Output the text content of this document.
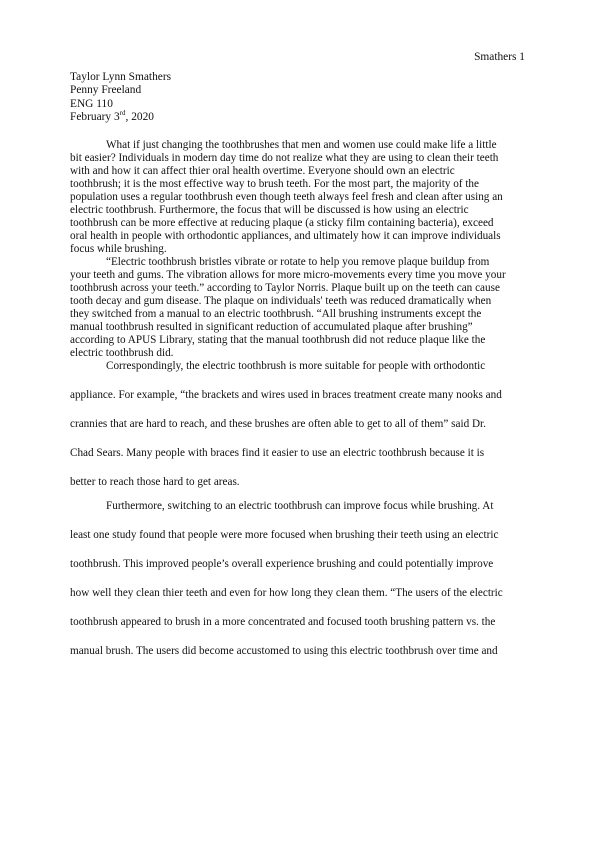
Smathers 1
Taylor Lynn Smathers
Penny Freeland
ENG 110
February 3rd, 2020
What if just changing the toothbrushes that men and women use could make life a little
bit easier? Individuals in modern day time do not realize what they are using to clean their teeth
with and how it can affect thier oral health overtime. Everyone should own an electric
toothbrush; it is the most effective way to brush teeth. For the most part, the majority of the
population uses a regular toothbrush even though teeth always feel fresh and clean after using an
electric toothbrush. Furthermore, the focus that will be discussed is how using an electric
toothbrush can be more effective at reducing plaque (a sticky film containing bacteria), exceed
oral health in people with orthodontic appliances, and ultimately how it can improve individuals
focus while brushing.
“Electric toothbrush bristles vibrate or rotate to help you remove plaque buildup from
your teeth and gums. The vibration allows for more micro-movements every time you move your
toothbrush across your teeth.” according to Taylor Norris. Plaque built up on the teeth can cause
tooth decay and gum disease. The plaque on individuals' teeth was reduced dramatically when
they switched from a manual to an electric toothbrush. “All brushing instruments except the
manual toothbrush resulted in significant reduction of accumulated plaque after brushing”
according to APUS Library, stating that the manual toothbrush did not reduce plaque like the
electric toothbrush did.
Correspondingly, the electric toothbrush is more suitable for people with orthodontic
appliance. For example, “the brackets and wires used in braces treatment create many nooks and
crannies that are hard to reach, and these brushes are often able to get to all of them” said Dr.
Chad Sears. Many people with braces find it easier to use an electric toothbrush because it is
better to reach those hard to get areas.
Furthermore, switching to an electric toothbrush can improve focus while brushing. At
least one study found that people were more focused when brushing their teeth using an electric
toothbrush. This improved people’s overall experience brushing and could potentially improve
how well they clean thier teeth and even for how long they clean them. “The users of the electric
toothbrush appeared to brush in a more concentrated and focused tooth brushing pattern vs. the
manual brush. The users did become accustomed to using this electric toothbrush over time and
